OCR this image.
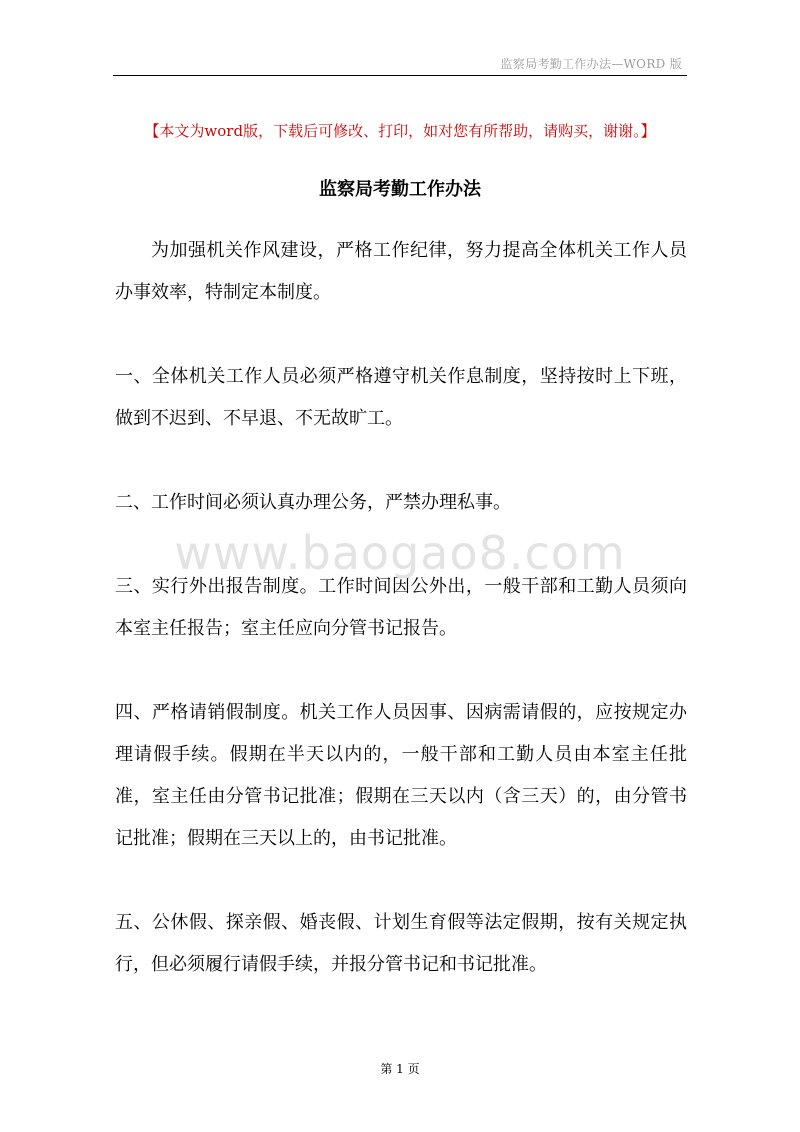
监察局考勤工作办法—WORD 版
【本文为word版，下载后可修改、打印，如对您有所帮助，请购买，谢谢。】
监察局考勤工作办法

为加强机关作风建设，严格工作纪律，努力提高全体机关工作人员办事效率，特制定本制度。

一、全体机关工作人员必须严格遵守机关作息制度，坚持按时上下班，做到不迟到、不早退、不无故旷工。

二、工作时间必须认真办理公务，严禁办理私事。

三、实行外出报告制度。工作时间因公外出，一般干部和工勤人员须向本室主任报告；室主任应向分管书记报告。

四、严格请销假制度。机关工作人员因事、因病需请假的，应按规定办理请假手续。假期在半天以内的，一般干部和工勤人员由本室主任批准，室主任由分管书记批准；假期在三天以内（含三天）的，由分管书记批准；假期在三天以上的，由书记批准。

五、公休假、探亲假、婚丧假、计划生育假等法定假期，按有关规定执行，但必须履行请假手续，并报分管书记和书记批准。

www.baogao8.com
第 1 页
